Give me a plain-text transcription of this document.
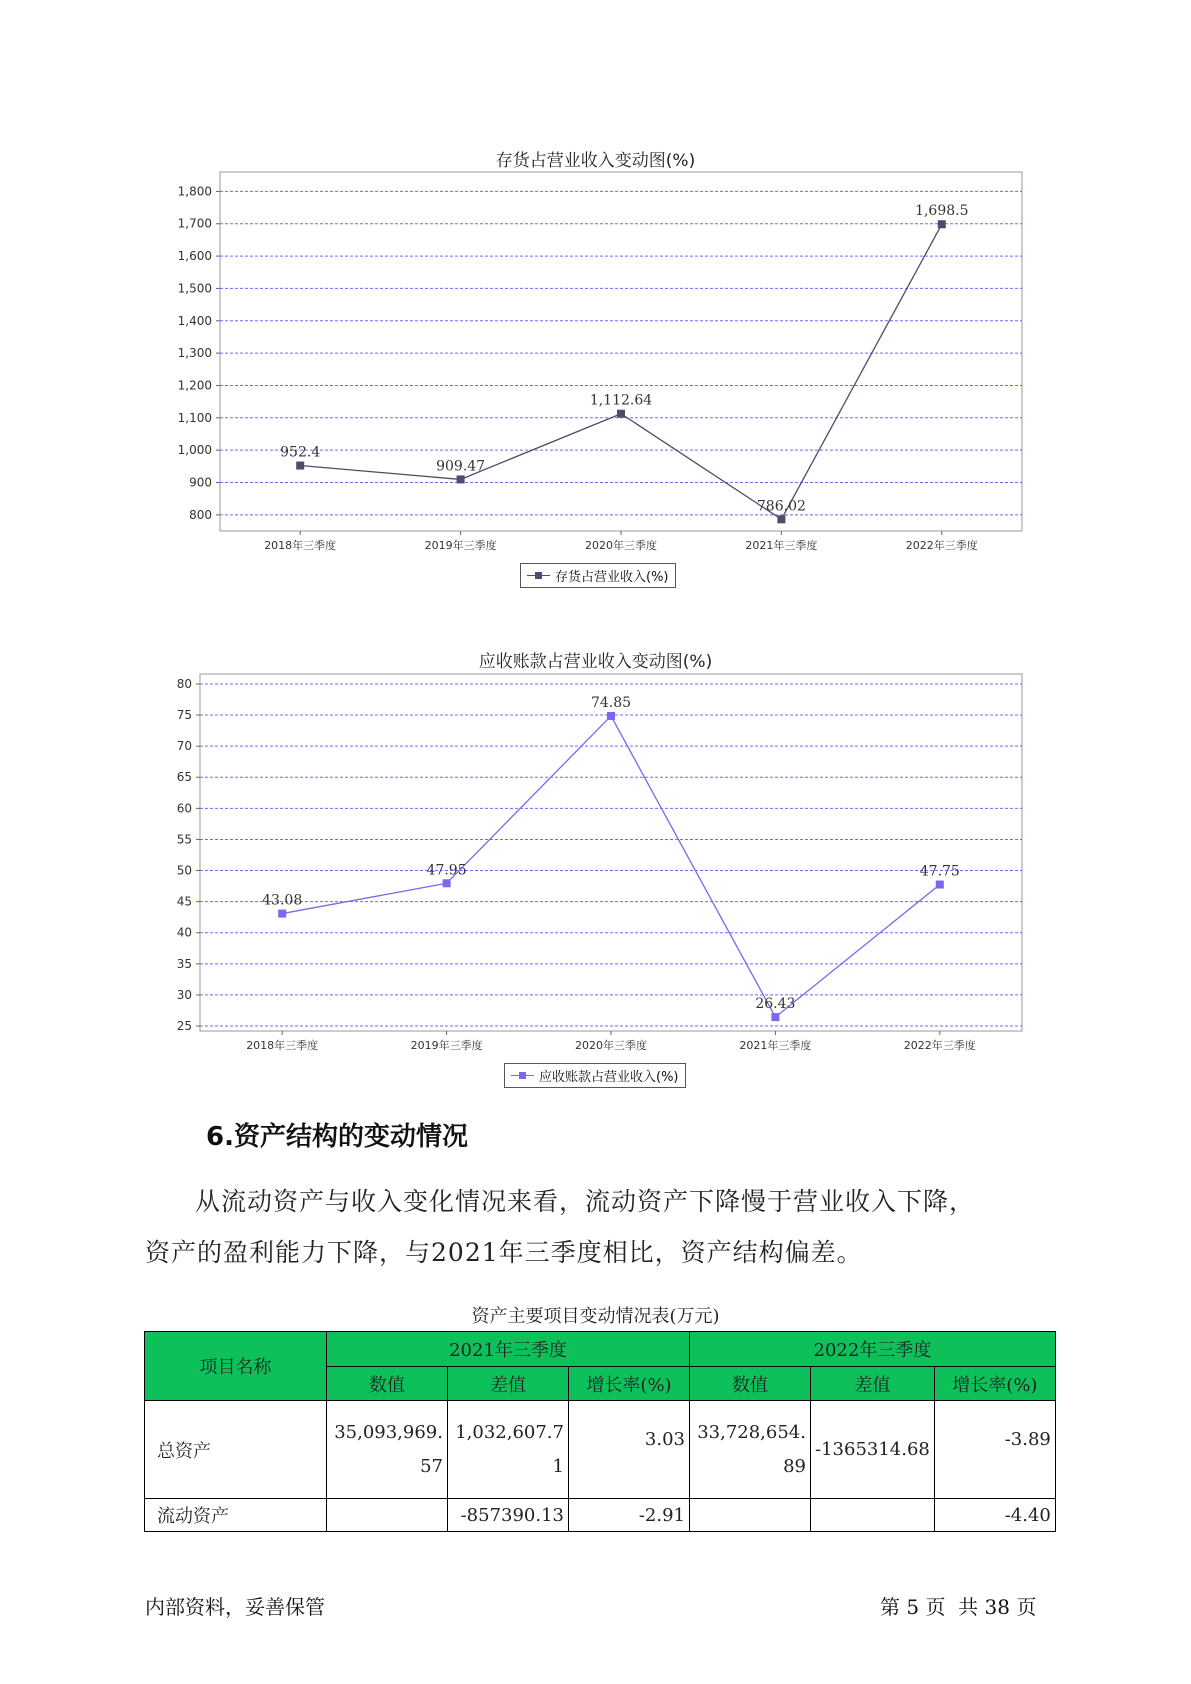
存货占营业收入变动图(%)
800
900
1,000
1,100
1,200
1,300
1,400
1,500
1,600
1,700
1,800
2018年三季度	2019年三季度	2020年三季度	2021年三季度	2022年三季度
952.4
909.47
1,112.64
786.02
1,698.5
存货占营业收入(%)
应收账款占营业收入变动图(%)
25
30
35
40
45
50
55
60
65
70
75
80
2018年三季度	2019年三季度	2020年三季度	2021年三季度	2022年三季度
43.08
47.95
74.85
26.43
47.75
应收账款占营业收入(%)
6.资产结构的变动情况
从流动资产与收入变化情况来看，流动资产下降慢于营业收入下降，
资产的盈利能力下降，与2021年三季度相比，资产结构偏差。
资产主要项目变动情况表(万元)
项目名称	2021年三季度			2022年三季度		
	数值	差值	增长率(%)	数值	差值	增长率(%)
总资产	35,093,969.57	1,032,607.71	3.03	33,728,654.89	-1365314.68	-3.89
流动资产		-857390.13	-2.91			-4.40
内部资料，妥善保管	第 5 页  共 38 页
